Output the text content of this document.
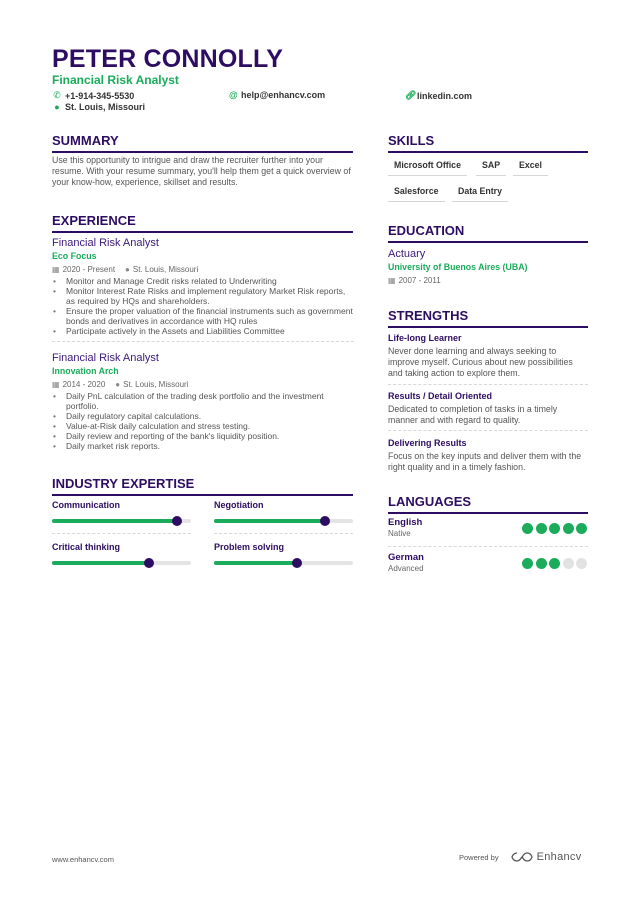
PETER CONNOLLY
Financial Risk Analyst
✆ +1-914-345-5530	@ help@enhancv.com	🔗︎ linkedin.com
● St. Louis, Missouri
SUMMARY
Use this opportunity to intrigue and draw the recruiter further into your resume. With your resume summary, you'll help them get a quick overview of your know-how, experience, skillset and results.
EXPERIENCE
Financial Risk Analyst
Eco Focus
▦ 2020 - Present ● St. Louis, Missouri
• Monitor and Manage Credit risks related to Underwriting
• Monitor Interest Rate Risks and implement regulatory Market Risk reports, as required by HQs and shareholders.
• Ensure the proper valuation of the financial instruments such as government bonds and derivatives in accordance with HQ rules
• Participate actively in the Assets and Liabilities Committee
Financial Risk Analyst
Innovation Arch
▦ 2014 - 2020 ● St. Louis, Missouri
• Daily PnL calculation of the trading desk portfolio and the investment portfolio.
• Daily regulatory capital calculations.
• Value-at-Risk daily calculation and stress testing.
• Daily review and reporting of the bank's liquidity position.
• Daily market risk reports.
INDUSTRY EXPERTISE
Communication	Negotiation
Critical thinking	Problem solving
SKILLS
Microsoft Office	SAP	Excel
Salesforce	Data Entry
EDUCATION
Actuary
University of Buenos Aires (UBA)
▦ 2007 - 2011
STRENGTHS
Life-long Learner
Never done learning and always seeking to improve myself. Curious about new possibilities and taking action to explore them.
Results / Detail Oriented
Dedicated to completion of tasks in a timely manner and with regard to quality.
Delivering Results
Focus on the key inputs and deliver them with the right quality and in a timely fashion.
LANGUAGES
English
Native
German
Advanced
www.enhancv.com	Powered by	Enhancv
